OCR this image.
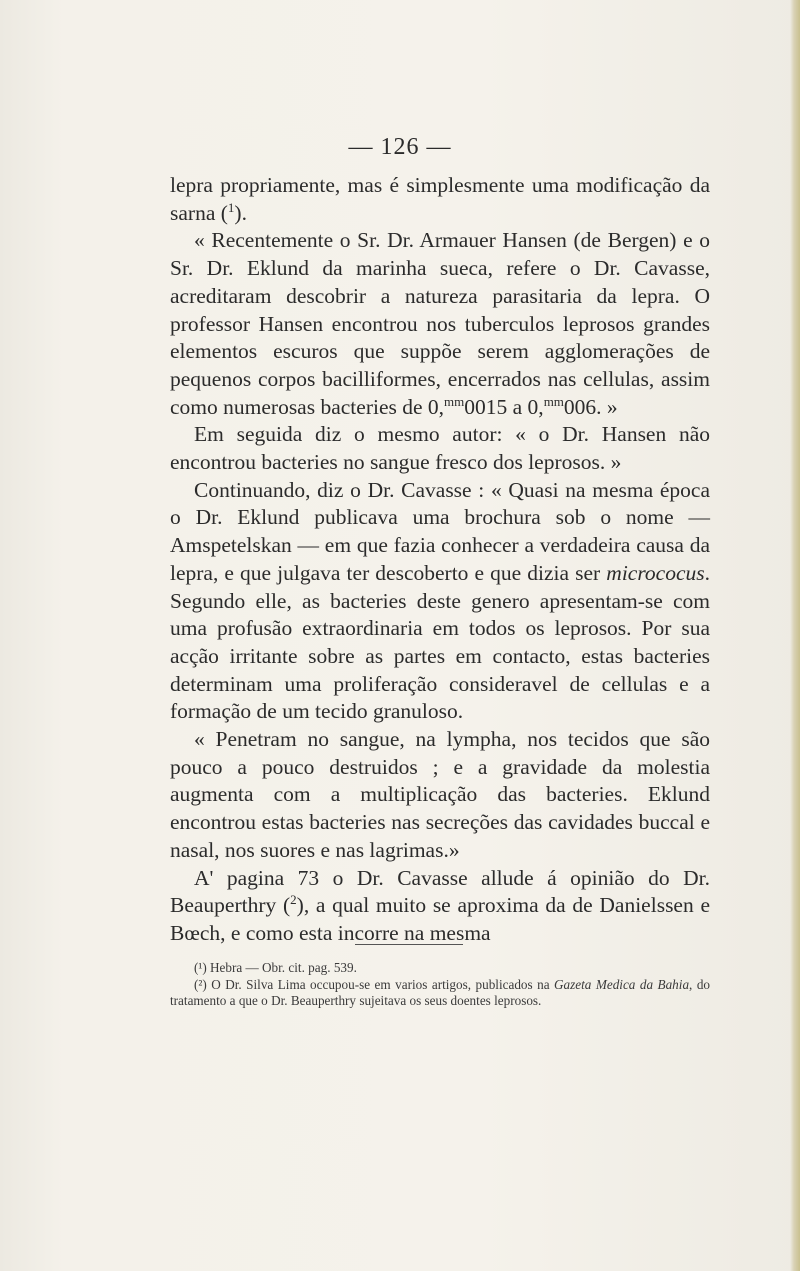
— 126 —

lepra propriamente, mas é simplesmente uma modificação da sarna ($^1$).

« Recentemente o Sr. Dr. Armauer Hansen (de Bergen) e o Sr. Dr. Eklund da marinha sueca, refere o Dr. Cavasse, acreditaram descobrir a natureza parasitaria da lepra. O professor Hansen encontrou nos tuberculos leprosos grandes elementos escuros que suppõe serem agglomerações de pequenos corpos bacilliformes, encerrados nas cellulas, assim como numerosas bacteries de 0,$^{mm}$0015 a 0,$^{mm}$006. »

Em seguida diz o mesmo autor: « o Dr. Hansen não encontrou bacteries no sangue fresco dos leprosos. »

Continuando, diz o Dr. Cavasse : « Quasi na mesma época o Dr. Eklund publicava uma brochura sob o nome — Amspetelskan — em que fazia conhecer a verdadeira causa da lepra, e que julgava ter descoberto e que dizia ser micrococus. Segundo elle, as bacteries deste genero apresentam-se com uma profusão extraordinaria em todos os leprosos. Por sua acção irritante sobre as partes em contacto, estas bacteries determinam uma proliferação consideravel de cellulas e a formação de um tecido granuloso.

« Penetram no sangue, na lympha, nos tecidos que são pouco a pouco destruidos ; e a gravidade da molestia augmenta com a multiplicação das bacteries. Eklund encontrou estas bacteries nas secreções das cavidades buccal e nasal, nos suores e nas lagrimas.»

A' pagina 73 o Dr. Cavasse allude á opinião do Dr. Beauperthry ($^2$), a qual muito se aproxima da de Danielssen e Bœch, e como esta incorre na mesma

(¹) Hebra — Obr. cit. pag. 539.

(²) O Dr. Silva Lima occupou-se em varios artigos, publicados na Gazeta Medica da Bahia, do tratamento a que o Dr. Beauperthry sujeitava os seus doentes leprosos.
